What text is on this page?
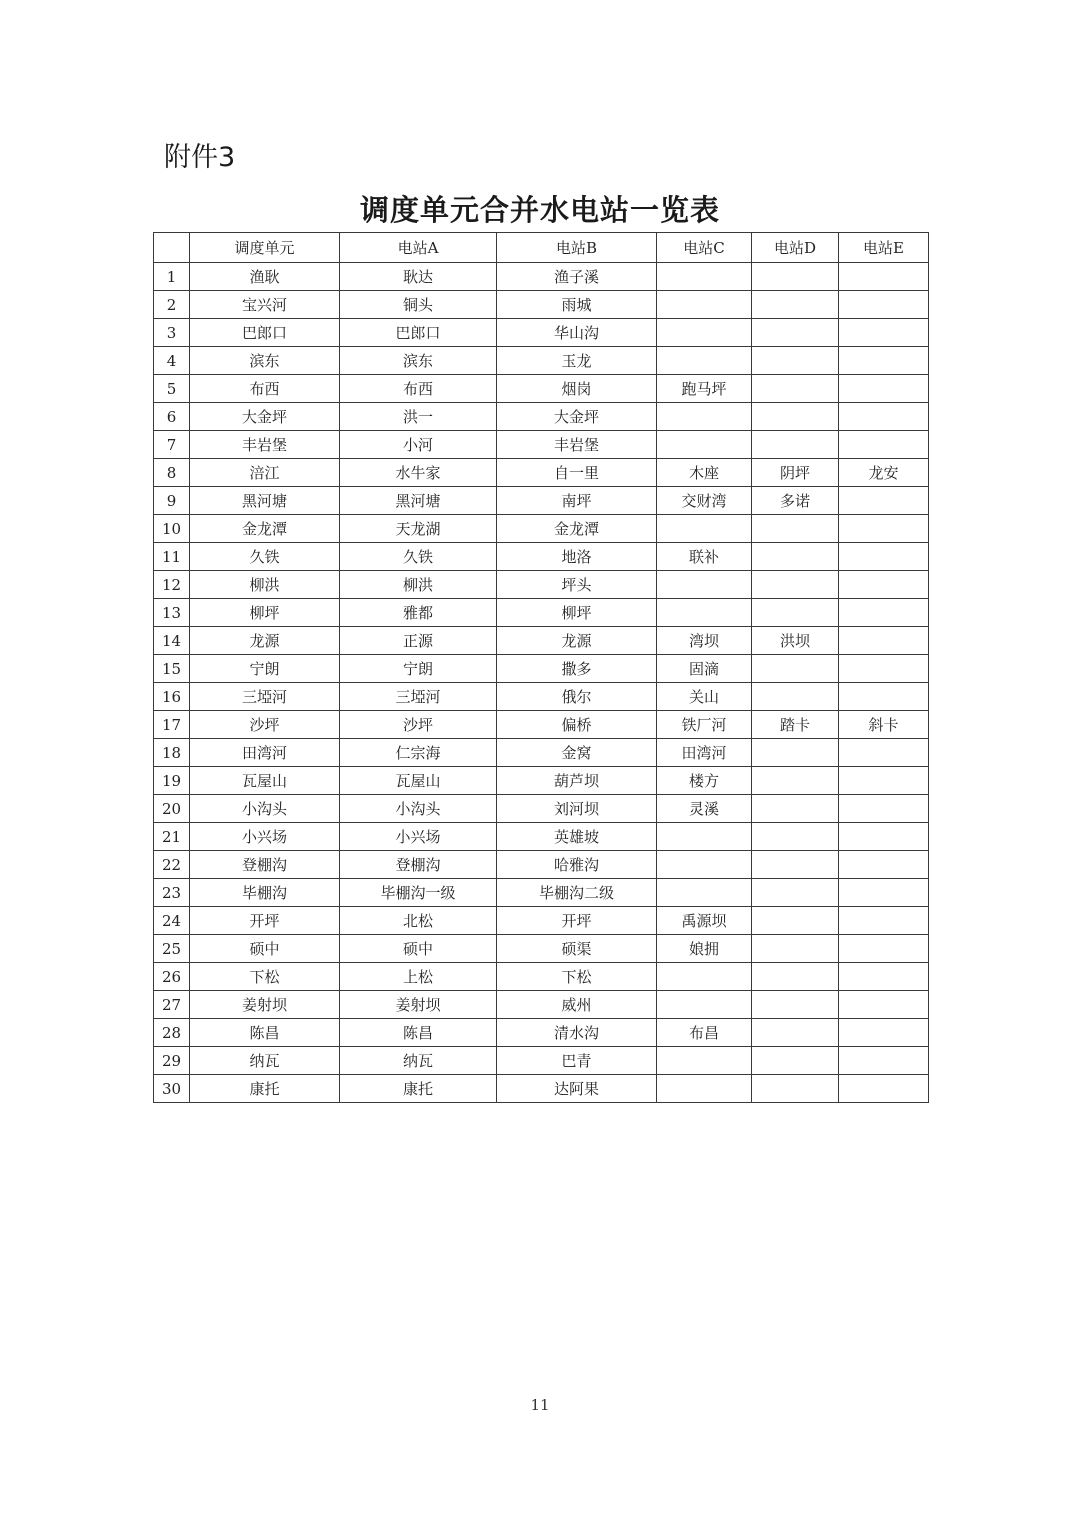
附件3
调度单元合并水电站一览表
	调度单元	电站A	电站B	电站C	电站D	电站E
1	渔耿	耿达	渔子溪			
2	宝兴河	铜头	雨城			
3	巴郎口	巴郎口	华山沟			
4	滨东	滨东	玉龙			
5	布西	布西	烟岗	跑马坪		
6	大金坪	洪一	大金坪			
7	丰岩堡	小河	丰岩堡			
8	涪江	水牛家	自一里	木座	阴坪	龙安
9	黑河塘	黑河塘	南坪	交财湾	多诺	
10	金龙潭	天龙湖	金龙潭			
11	久铁	久铁	地洛	联补		
12	柳洪	柳洪	坪头			
13	柳坪	雅都	柳坪			
14	龙源	正源	龙源	湾坝	洪坝	
15	宁朗	宁朗	撒多	固滴		
16	三埡河	三埡河	俄尔	关山		
17	沙坪	沙坪	偏桥	铁厂河	踏卡	斜卡
18	田湾河	仁宗海	金窝	田湾河		
19	瓦屋山	瓦屋山	葫芦坝	楼方		
20	小沟头	小沟头	刘河坝	灵溪		
21	小兴场	小兴场	英雄坡			
22	登棚沟	登棚沟	哈雅沟			
23	毕棚沟	毕棚沟一级	毕棚沟二级			
24	开坪	北松	开坪	禹源坝		
25	硕中	硕中	硕渠	娘拥		
26	下松	上松	下松			
27	姜射坝	姜射坝	威州			
28	陈昌	陈昌	清水沟	布昌		
29	纳瓦	纳瓦	巴青			
30	康托	康托	达阿果			
11
